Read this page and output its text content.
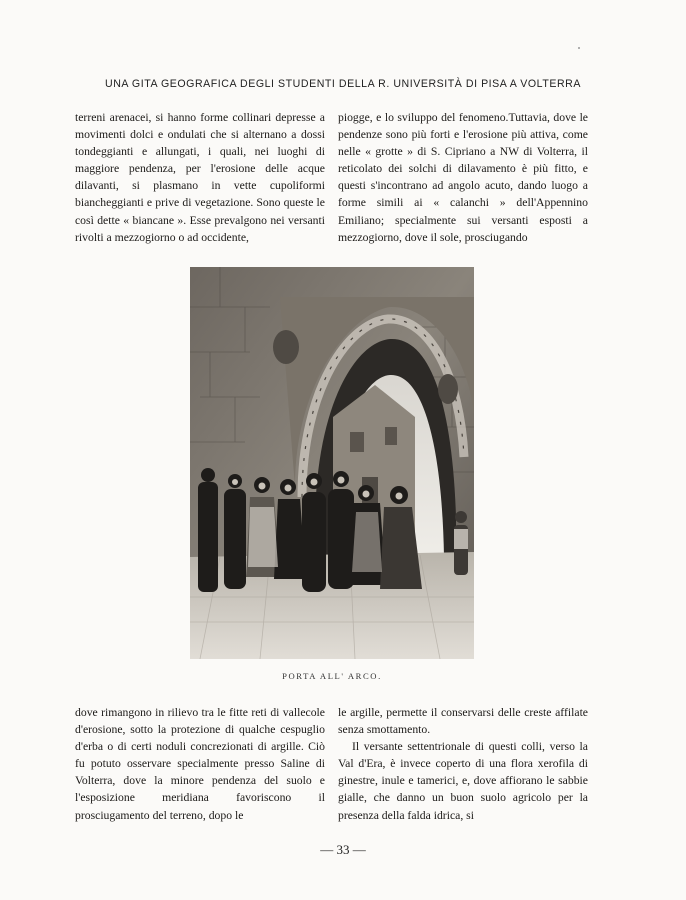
UNA GITA GEOGRAFICA DEGLI STUDENTI DELLA R. UNIVERSITÀ DI PISA A VOLTERRA

terreni arenacei, si hanno forme collinari depresse a movimenti dolci e ondulati che si alternano a dossi tondeggianti e allungati, i quali, nei luoghi di maggiore pendenza, per l'erosione delle acque dilavanti, si plasmano in vette cupoliformi biancheggianti e prive di vegetazione. Sono queste le così dette « biancane ». Esse prevalgono nei versanti rivolti a mezzogiorno o ad occidente,

piogge, e lo sviluppo del fenomeno.Tuttavia, dove le pendenze sono più forti e l'erosione più attiva, come nelle « grotte » di S. Cipriano a NW di Volterra, il reticolato dei solchi di dilavamento è più fitto, e questi s'incontrano ad angolo acuto, dando luogo a forme simili ai « calanchi » dell'Appennino Emiliano; specialmente sui versanti esposti a mezzogiorno, dove il sole, prosciugando

PORTA ALL' ARCO.

dove rimangono in rilievo tra le fitte reti di vallecole d'erosione, sotto la protezione di qualche cespuglio d'erba o di certi noduli concrezionati di argille. Ciò fu potuto osservare specialmente presso Saline di Volterra, dove la minore pendenza del suolo e l'esposizione meridiana favoriscono il prosciugamento del terreno, dopo le

le argille, permette il conservarsi delle creste affilate senza smottamento.

Il versante settentrionale di questi colli, verso la Val d'Era, è invece coperto di una flora xerofila di ginestre, inule e tamerici, e, dove affiorano le sabbie gialle, che danno un buon suolo agricolo per la presenza della falda idrica, si

— 33 —
